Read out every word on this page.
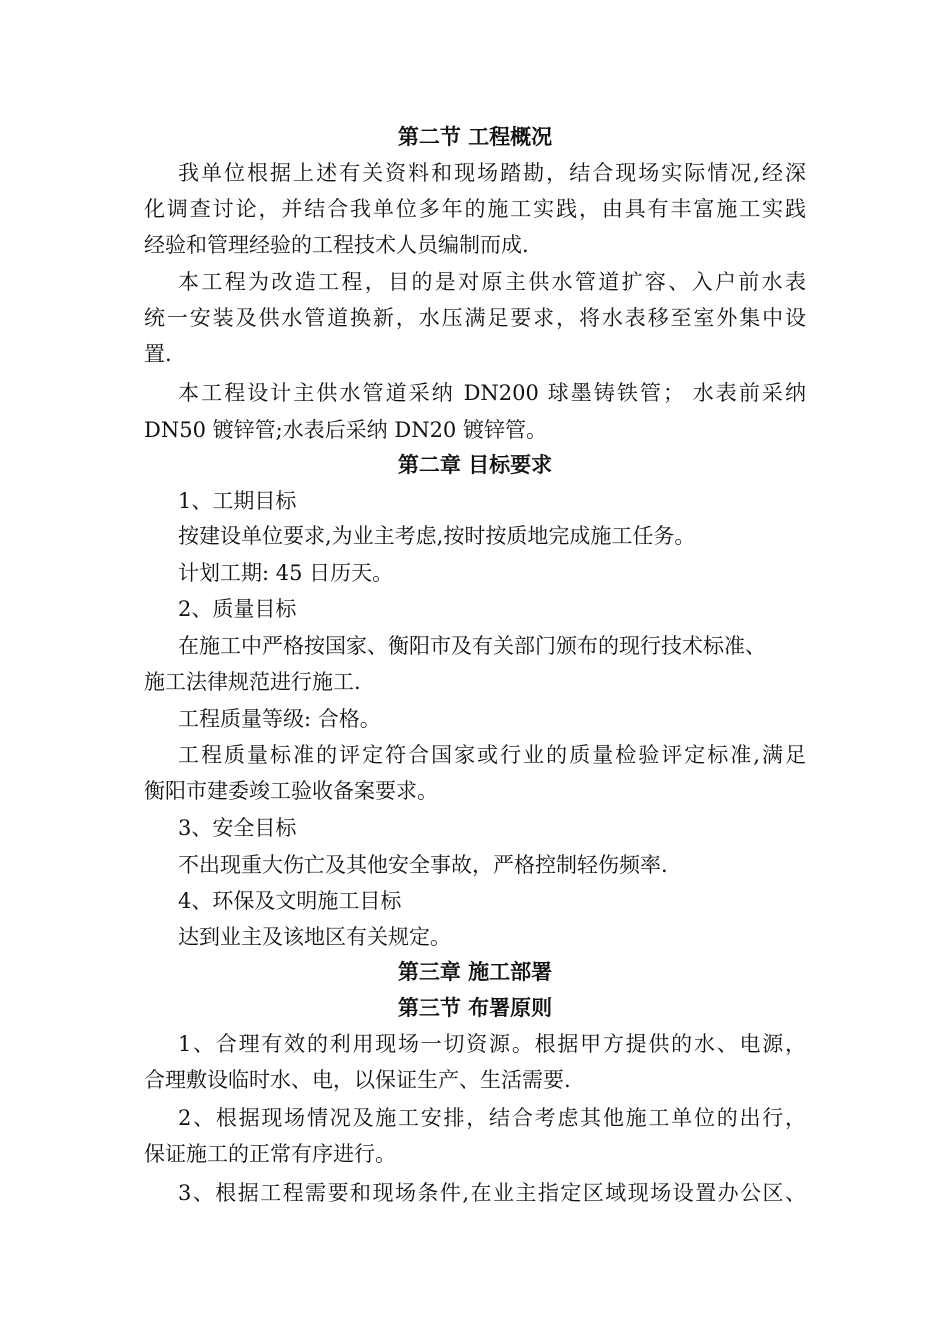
第二节 工程概况
我单位根据上述有关资料和现场踏勘，结合现场实际情况,经深
化调查讨论，并结合我单位多年的施工实践，由具有丰富施工实践
经验和管理经验的工程技术人员编制而成.
本工程为改造工程，目的是对原主供水管道扩容、入户前水表
统一安装及供水管道换新，水压满足要求，将水表移至室外集中设
置.
本工程设计主供水管道采纳 DN200 球墨铸铁管； 水表前采纳
DN50 镀锌管;水表后采纳 DN20 镀锌管。
第二章 目标要求
1、工期目标
按建设单位要求,为业主考虑,按时按质地完成施工任务。
计划工期: 45 日历天。
2、质量目标
在施工中严格按国家、衡阳市及有关部门颁布的现行技术标准、
施工法律规范进行施工.
工程质量等级: 合格。
工程质量标准的评定符合国家或行业的质量检验评定标准,满足
衡阳市建委竣工验收备案要求。
3、安全目标
不出现重大伤亡及其他安全事故，严格控制轻伤频率.
4、环保及文明施工目标
达到业主及该地区有关规定。
第三章 施工部署
第三节 布署原则
1、合理有效的利用现场一切资源。根据甲方提供的水、电源，
合理敷设临时水、电，以保证生产、生活需要.
2、根据现场情况及施工安排，结合考虑其他施工单位的出行，
保证施工的正常有序进行。
3、根据工程需要和现场条件,在业主指定区域现场设置办公区、
